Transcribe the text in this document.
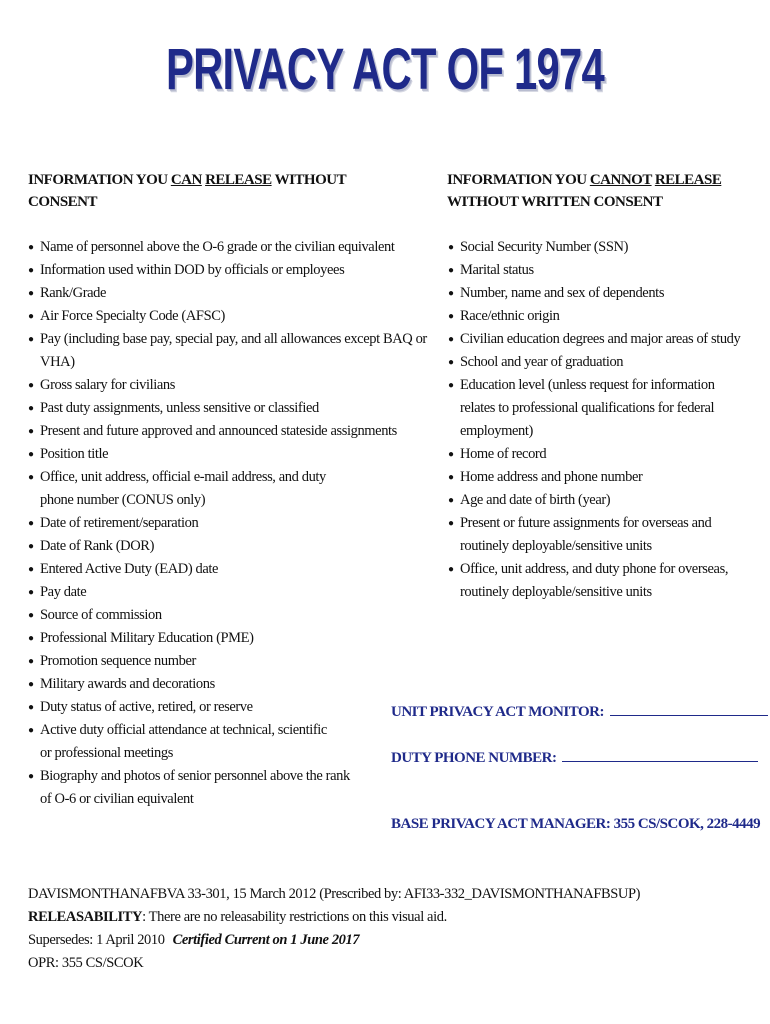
PRIVACY ACT OF 1974
INFORMATION YOU CAN RELEASE WITHOUT CONSENT
INFORMATION YOU CANNOT RELEASE WITHOUT WRITTEN CONSENT
● Name of personnel above the O-6 grade or the civilian equivalent
● Information used within DOD by officials or employees
● Rank/Grade
● Air Force Specialty Code (AFSC)
● Pay (including base pay, special pay, and all allowances except BAQ or VHA)
● Gross salary for civilians
● Past duty assignments, unless sensitive or classified
● Present and future approved and announced stateside assignments
● Position title
● Office, unit address, official e-mail address, and duty phone number (CONUS only)
● Date of retirement/separation
● Date of Rank (DOR)
● Entered Active Duty (EAD) date
● Pay date
● Source of commission
● Professional Military Education (PME)
● Promotion sequence number
● Military awards and decorations
● Duty status of active, retired, or reserve
● Active duty official attendance at technical, scientific or professional meetings
● Biography and photos of senior personnel above the rank of O-6 or civilian equivalent
● Social Security Number (SSN)
● Marital status
● Number, name and sex of dependents
● Race/ethnic origin
● Civilian education degrees and major areas of study
● School and year of graduation
● Education level (unless request for information relates to professional qualifications for federal employment)
● Home of record
● Home address and phone number
● Age and date of birth (year)
● Present or future assignments for overseas and routinely deployable/sensitive units
● Office, unit address, and duty phone for overseas, routinely deployable/sensitive units
UNIT PRIVACY ACT MONITOR:
DUTY PHONE NUMBER:
BASE PRIVACY ACT MANAGER: 355 CS/SCOK, 228-4449
DAVISMONTHANAFBVA 33-301, 15 March 2012 (Prescribed by: AFI33-332_DAVISMONTHANAFBSUP)
RELEASABILITY: There are no releasability restrictions on this visual aid.
Supersedes: 1 April 2010 Certified Current on 1 June 2017
OPR: 355 CS/SCOK
